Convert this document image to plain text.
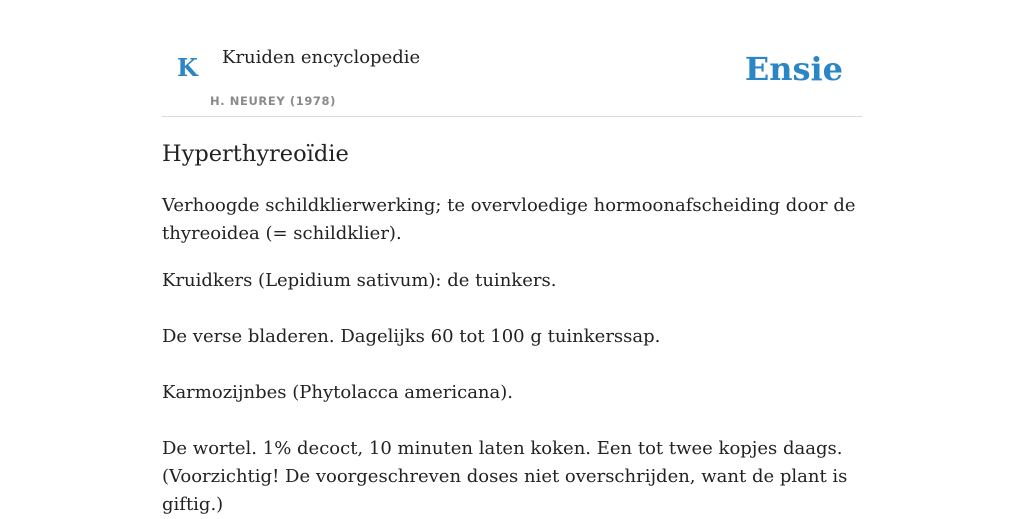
K Kruiden encyclopedie
H. NEUREY (1978)
Ensie
Hyperthyreoïdie

Verhoogde schildklierwerking; te overvloedige hormoonafscheiding door de thyreoidea (= schildklier).

Kruidkers (Lepidium sativum): de tuinkers.

De verse bladeren. Dagelijks 60 tot 100 g tuinkerssap.

Karmozijnbes (Phytolacca americana).

De wortel. 1% decoct, 10 minuten laten koken. Een tot twee kopjes daags.

(Voorzichtig! De voorgeschreven doses niet overschrijden, want de plant is giftig.)
